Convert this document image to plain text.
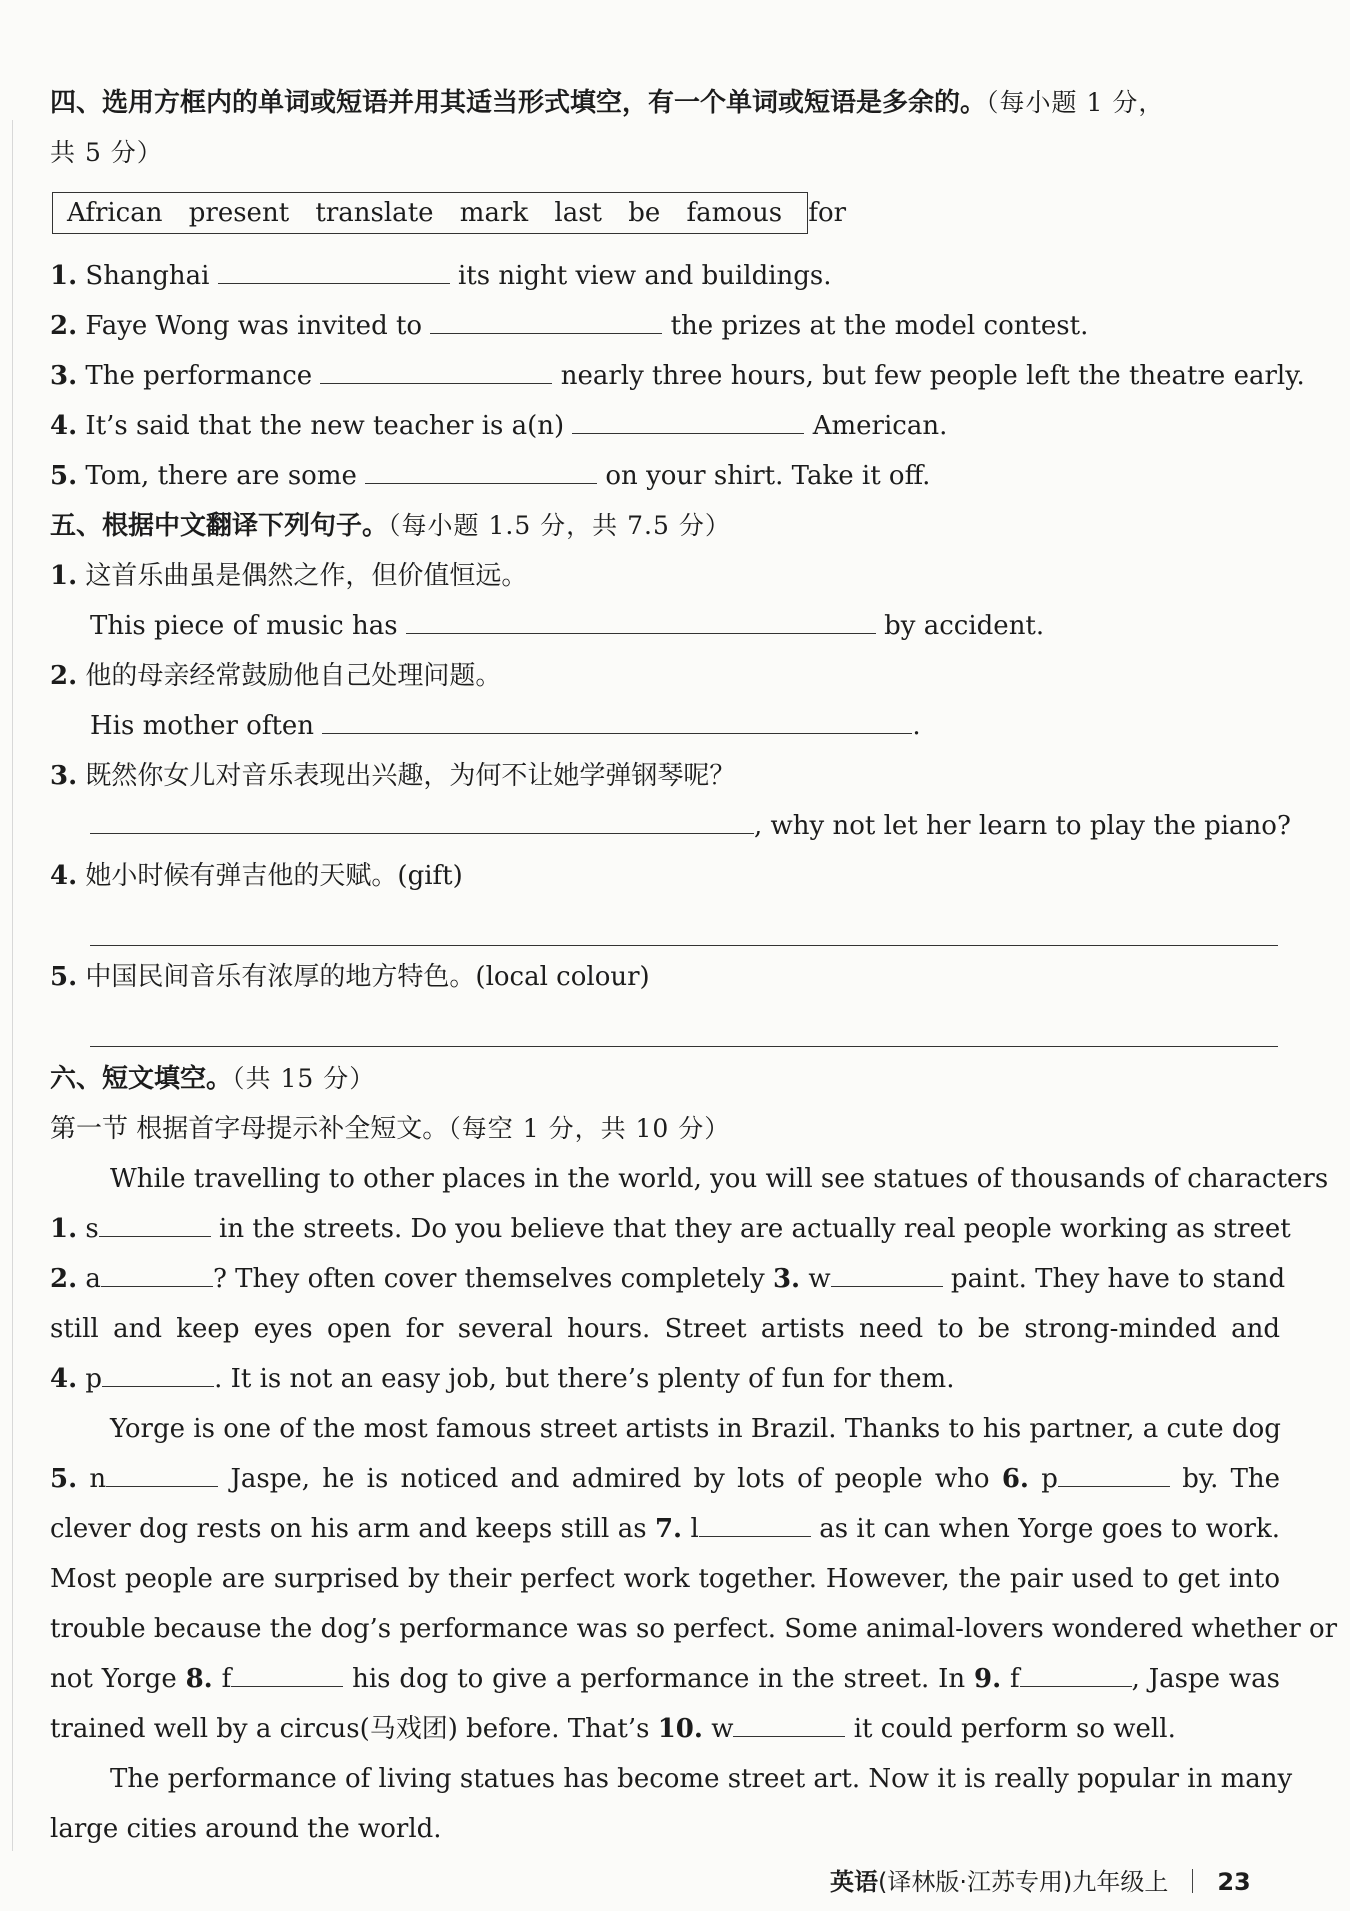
四、选用方框内的单词或短语并用其适当形式填空，有一个单词或短语是多余的。（每小题 1 分，
共 5 分）
African present translate mark last be famous for
1. Shanghai	its night view and buildings.
2. Faye Wong was invited to	the prizes at the model contest.
3. The performance	nearly three hours, but few people left the theatre early.
4. It’s said that the new teacher is a(n)	American.
5. Tom, there are some	on your shirt. Take it off.
五、根据中文翻译下列句子。（每小题 1.5 分，共 7.5 分）
1. 这首乐曲虽是偶然之作，但价值恒远。
This piece of music has	by accident.
2. 他的母亲经常鼓励他自己处理问题。
His mother often	.
3. 既然你女儿对音乐表现出兴趣，为何不让她学弹钢琴呢？
, why not let her learn to play the piano?
4. 她小时候有弹吉他的天赋。(gift)
5. 中国民间音乐有浓厚的地方特色。(local colour)
六、短文填空。（共 15 分）
第一节 根据首字母提示补全短文。（每空 1 分，共 10 分）
While travelling to other places in the world, you will see statues of thousands of characters
1. s	in the streets. Do you believe that they are actually real people working as street
2. a	? They often cover themselves completely 3. w	paint. They have to stand
still and keep eyes open for several hours. Street artists need to be strong-minded and
4. p	. It is not an easy job, but there’s plenty of fun for them.
Yorge is one of the most famous street artists in Brazil. Thanks to his partner, a cute dog
5. n	Jaspe, he is noticed and admired by lots of people who 6. p	by. The
clever dog rests on his arm and keeps still as 7. l	as it can when Yorge goes to work.
Most people are surprised by their perfect work together. However, the pair used to get into
trouble because the dog’s performance was so perfect. Some animal-lovers wondered whether or
not Yorge 8. f	his dog to give a performance in the street. In 9. f	, Jaspe was
trained well by a circus(马戏团) before. That’s 10. w	it could perform so well.
The performance of living statues has become street art. Now it is really popular in many
large cities around the world.
英语(译林版·江苏专用)九年级上 23
